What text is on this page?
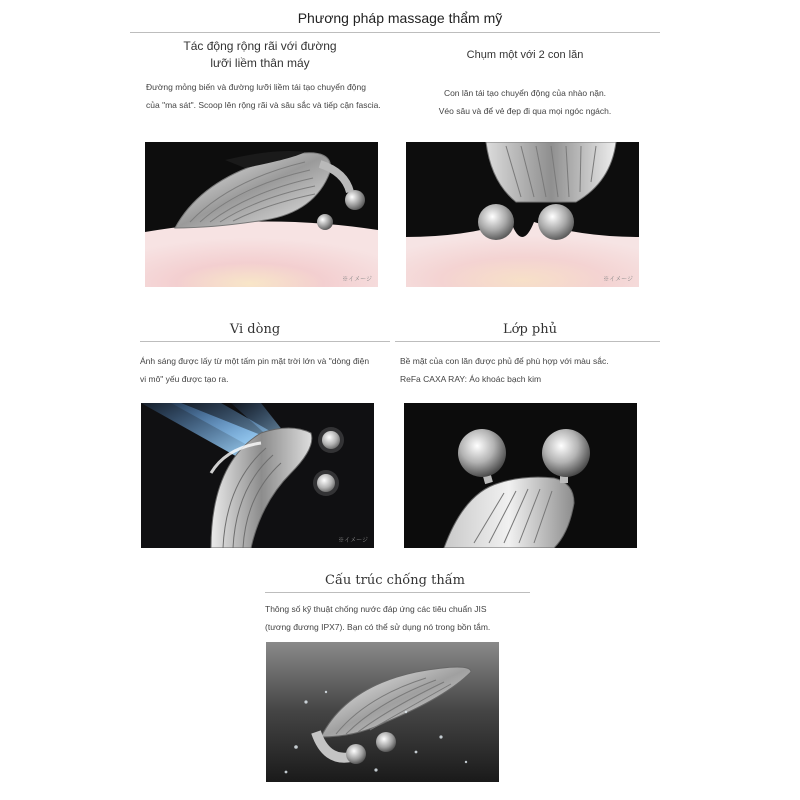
Phương pháp massage thẩm mỹ
Tác động rộng rãi với đường
lưỡi liềm thân máy
Đường mỏng biến và đường lưỡi liềm tái tạo chuyển động
của "ma sát". Scoop lên rộng rãi và sâu sắc và tiếp cận fascia.
※イメージ
Chụm một với 2 con lăn
Con lăn tái tạo chuyển động của nhào nặn.
Véo sâu và để vẻ đẹp đi qua mọi ngóc ngách.
※イメージ
Vi dòng
Ánh sáng được lấy từ một tấm pin mặt trời lớn và "dòng điện
vi mô" yếu được tạo ra.
※イメージ
Lớp phủ
Bề mặt của con lăn được phủ để phù hợp với màu sắc.
ReFa CAXA RAY: Áo khoác bạch kim
Cấu trúc chống thấm
Thông số kỹ thuật chống nước đáp ứng các tiêu chuẩn JIS
(tương đương IPX7). Bạn có thể sử dụng nó trong bồn tắm.
